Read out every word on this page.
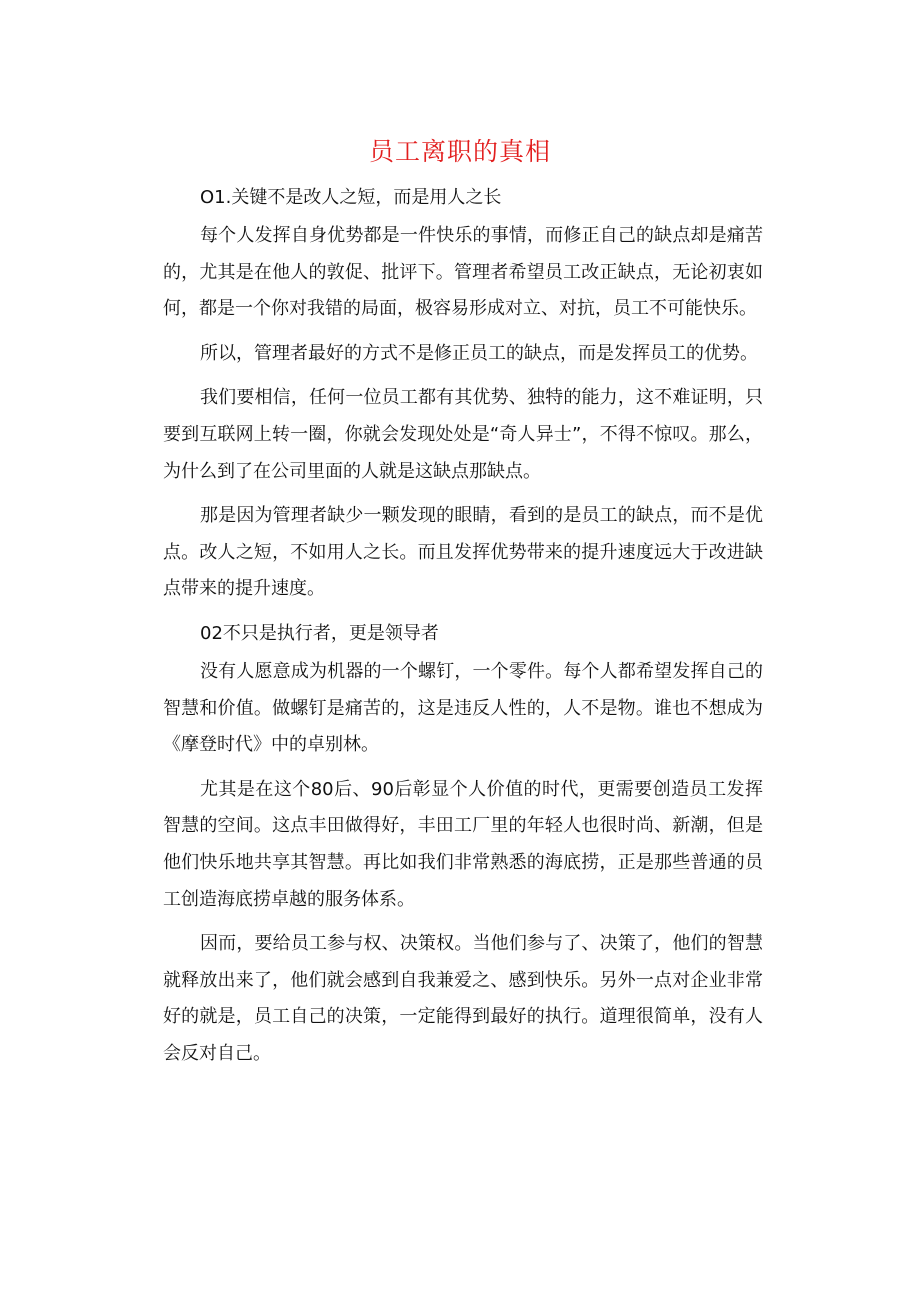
员工离职的真相

O1.关键不是改人之短，而是用人之长

每个人发挥自身优势都是一件快乐的事情，而修正自己的缺点却是痛苦的，尤其是在他人的敦促、批评下。管理者希望员工改正缺点，无论初衷如何，都是一个你对我错的局面，极容易形成对立、对抗，员工不可能快乐。

所以，管理者最好的方式不是修正员工的缺点，而是发挥员工的优势。

我们要相信，任何一位员工都有其优势、独特的能力，这不难证明，只要到互联网上转一圈，你就会发现处处是“奇人异士”，不得不惊叹。那么，为什么到了在公司里面的人就是这缺点那缺点。

那是因为管理者缺少一颗发现的眼睛，看到的是员工的缺点，而不是优点。改人之短，不如用人之长。而且发挥优势带来的提升速度远大于改进缺点带来的提升速度。

02不只是执行者，更是领导者

没有人愿意成为机器的一个螺钉，一个零件。每个人都希望发挥自己的智慧和价值。做螺钉是痛苦的，这是违反人性的，人不是物。谁也不想成为《摩登时代》中的卓别林。

尤其是在这个80后、90后彰显个人价值的时代，更需要创造员工发挥智慧的空间。这点丰田做得好，丰田工厂里的年轻人也很时尚、新潮，但是他们快乐地共享其智慧。再比如我们非常熟悉的海底捞，正是那些普通的员工创造海底捞卓越的服务体系。

因而，要给员工参与权、决策权。当他们参与了、决策了，他们的智慧就释放出来了，他们就会感到自我兼爱之、感到快乐。另外一点对企业非常好的就是，员工自己的决策，一定能得到最好的执行。道理很简单，没有人会反对自己。
